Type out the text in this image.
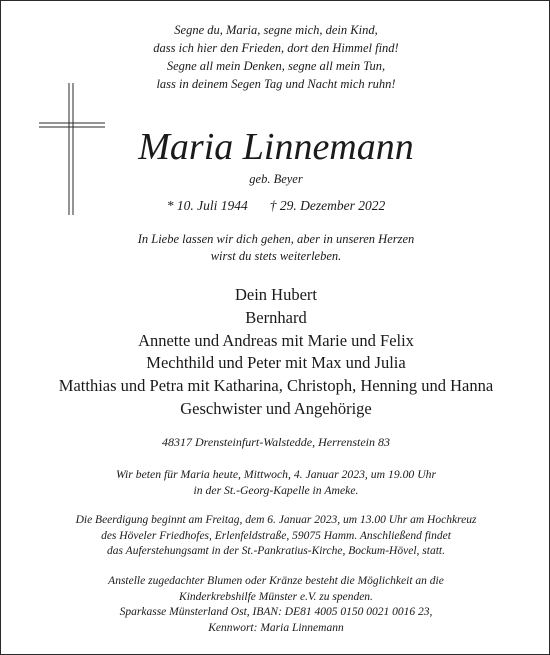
Segne du, Maria, segne mich, dein Kind,
dass ich hier den Frieden, dort den Himmel find!
Segne all mein Denken, segne all mein Tun,
lass in deinem Segen Tag und Nacht mich ruhn!
Maria Linnemann
geb. Beyer
* 10. Juli 1944 † 29. Dezember 2022
In Liebe lassen wir dich gehen, aber in unseren Herzen
wirst du stets weiterleben.
Dein Hubert
Bernhard
Annette und Andreas mit Marie und Felix
Mechthild und Peter mit Max und Julia
Matthias und Petra mit Katharina, Christoph, Henning und Hanna
Geschwister und Angehörige
48317 Drensteinfurt-Walstedde, Herrenstein 83
Wir beten für Maria heute, Mittwoch, 4. Januar 2023, um 19.00 Uhr
in der St.-Georg-Kapelle in Ameke.
Die Beerdigung beginnt am Freitag, dem 6. Januar 2023, um 13.00 Uhr am Hochkreuz
des Höveler Friedhofes, Erlenfeldstraße, 59075 Hamm. Anschließend findet
das Auferstehungsamt in der St.-Pankratius-Kirche, Bockum-Hövel, statt.
Anstelle zugedachter Blumen oder Kränze besteht die Möglichkeit an die
Kinderkrebshilfe Münster e.V. zu spenden.
Sparkasse Münsterland Ost, IBAN: DE81 4005 0150 0021 0016 23,
Kennwort: Maria Linnemann
